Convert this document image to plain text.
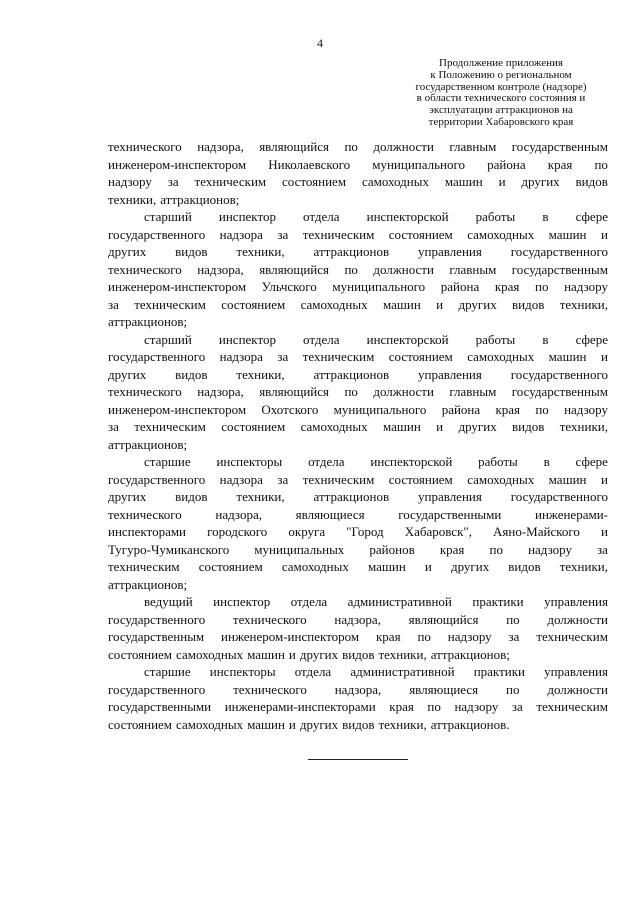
4
Продолжение приложения
к Положению о региональном
государственном контроле (надзоре)
в области технического состояния и
эксплуатации аттракционов на
территории Хабаровского края
технического надзора, являющийся по должности главным государственным
инженером-инспектором Николаевского муниципального района края по
надзору за техническим состоянием самоходных машин и других видов
техники, аттракционов;
старший инспектор отдела инспекторской работы в сфере
государственного надзора за техническим состоянием самоходных машин и
других видов техники, аттракционов управления государственного
технического надзора, являющийся по должности главным государственным
инженером-инспектором Ульчского муниципального района края по надзору
за техническим состоянием самоходных машин и других видов техники,
аттракционов;
старший инспектор отдела инспекторской работы в сфере
государственного надзора за техническим состоянием самоходных машин и
других видов техники, аттракционов управления государственного
технического надзора, являющийся по должности главным государственным
инженером-инспектором Охотского муниципального района края по надзору
за техническим состоянием самоходных машин и других видов техники,
аттракционов;
старшие инспекторы отдела инспекторской работы в сфере
государственного надзора за техническим состоянием самоходных машин и
других видов техники, аттракционов управления государственного
технического	надзора,	являющиеся	государственными	инженерами-
инспекторами городского округа "Город Хабаровск", Аяно-Майского и
Тугуро-Чумиканского муниципальных районов края по надзору за
техническим состоянием самоходных машин и других видов техники,
аттракционов;
ведущий инспектор отдела административной практики управления
государственного технического надзора, являющийся по должности
государственным инженером-инспектором края по надзору за техническим
состоянием самоходных машин и других видов техники, аттракционов;
старшие инспекторы отдела административной практики управления
государственного технического надзора, являющиеся по должности
государственными инженерами-инспекторами края по надзору за техническим
состоянием самоходных машин и других видов техники, аттракционов.
